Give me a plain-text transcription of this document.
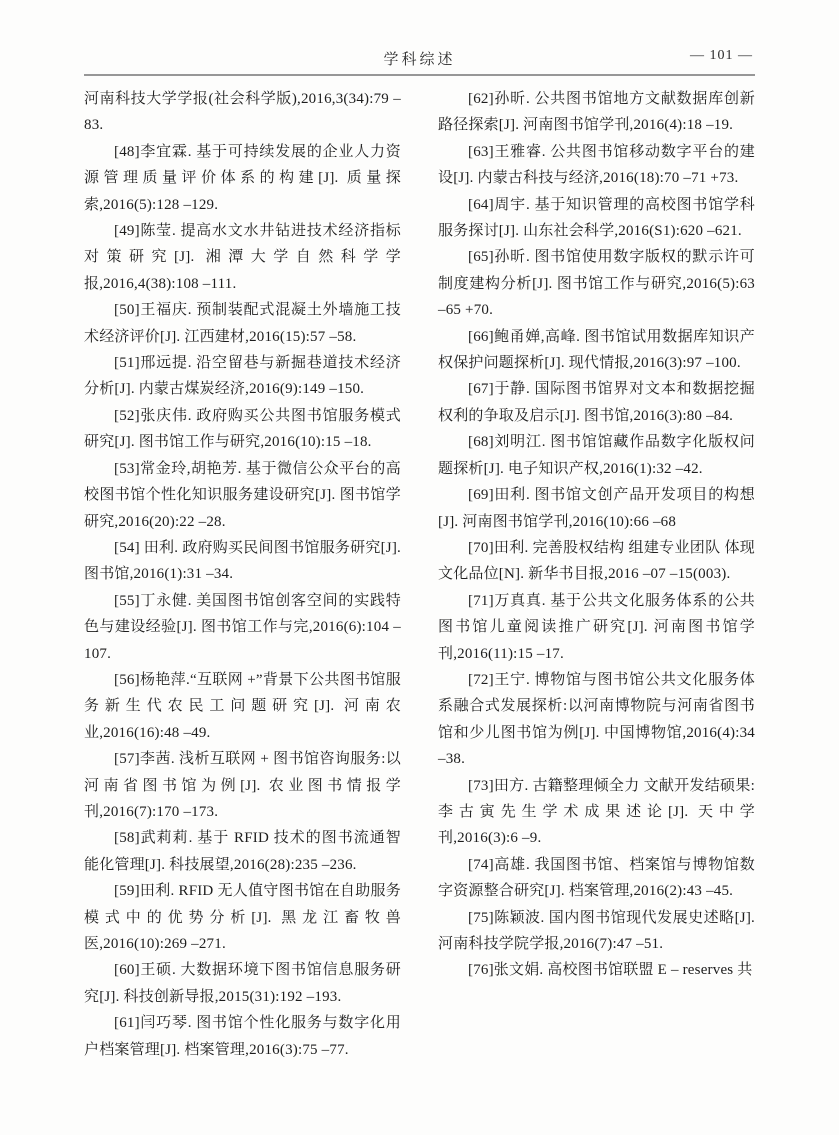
学科综述	— 101 —

河南科技大学学报(社会科学版),2016,3(34):79 –83.

[48]李宜霖. 基于可持续发展的企业人力资源管理质量评价体系的构建[J]. 质量探索,2016(5):128 –129.

[49]陈莹. 提高水文水井钻进技术经济指标对策研究[J]. 湘潭大学自然科学学报,2016,4(38):108 –111.

[50]王福庆. 预制装配式混凝土外墙施工技术经济评价[J]. 江西建材,2016(15):57 –58.

[51]邢远提. 沿空留巷与新掘巷道技术经济分析[J]. 内蒙古煤炭经济,2016(9):149 –150.

[52]张庆伟. 政府购买公共图书馆服务模式研究[J]. 图书馆工作与研究,2016(10):15 –18.

[53]常金玲,胡艳芳. 基于微信公众平台的高校图书馆个性化知识服务建设研究[J]. 图书馆学研究,2016(20):22 –28.

[54] 田利. 政府购买民间图书馆服务研究[J]. 图书馆,2016(1):31 –34.

[55]丁永健. 美国图书馆创客空间的实践特色与建设经验[J]. 图书馆工作与完,2016(6):104 –107.

[56]杨艳萍.“互联网 +”背景下公共图书馆服务新生代农民工问题研究[J]. 河南农业,2016(16):48 –49.

[57]李茜. 浅析互联网 + 图书馆咨询服务:以河南省图书馆为例[J]. 农业图书情报学刊,2016(7):170 –173.

[58]武莉莉. 基于 RFID 技术的图书流通智能化管理[J]. 科技展望,2016(28):235 –236.

[59]田利. RFID 无人值守图书馆在自助服务模式中的优势分析[J]. 黑龙江畜牧兽医,2016(10):269 –271.

[60]王硕. 大数据环境下图书馆信息服务研究[J]. 科技创新导报,2015(31):192 –193.

[61]闫巧琴. 图书馆个性化服务与数字化用户档案管理[J]. 档案管理,2016(3):75 –77.

[62]孙昕. 公共图书馆地方文献数据库创新路径探索[J]. 河南图书馆学刊,2016(4):18 –19.

[63]王雅睿. 公共图书馆移动数字平台的建设[J]. 内蒙古科技与经济,2016(18):70 –71 +73.

[64]周宇. 基于知识管理的高校图书馆学科服务探讨[J]. 山东社会科学,2016(S1):620 –621.

[65]孙昕. 图书馆使用数字版权的默示许可制度建构分析[J]. 图书馆工作与研究,2016(5):63 –65 +70.

[66]鲍甬婵,高峰. 图书馆试用数据库知识产权保护问题探析[J]. 现代情报,2016(3):97 –100.

[67]于静. 国际图书馆界对文本和数据挖掘权利的争取及启示[J]. 图书馆,2016(3):80 –84.

[68]刘明江. 图书馆馆藏作品数字化版权问题探析[J]. 电子知识产权,2016(1):32 –42.

[69]田利. 图书馆文创产品开发项目的构想[J]. 河南图书馆学刊,2016(10):66 –68

[70]田利. 完善股权结构 组建专业团队 体现文化品位[N]. 新华书目报,2016 –07 –15(003).

[71]万真真. 基于公共文化服务体系的公共图书馆儿童阅读推广研究[J]. 河南图书馆学刊,2016(11):15 –17.

[72]王宁. 博物馆与图书馆公共文化服务体系融合式发展探析:以河南博物院与河南省图书馆和少儿图书馆为例[J]. 中国博物馆,2016(4):34 –38.

[73]田方. 古籍整理倾全力 文献开发结硕果:李古寅先生学术成果述论[J]. 天中学刊,2016(3):6 –9.

[74]高雄. 我国图书馆、档案馆与博物馆数字资源整合研究[J]. 档案管理,2016(2):43 –45.

[75]陈颖波. 国内图书馆现代发展史述略[J]. 河南科技学院学报,2016(7):47 –51.

[76]张文娟. 高校图书馆联盟 E – reserves 共
